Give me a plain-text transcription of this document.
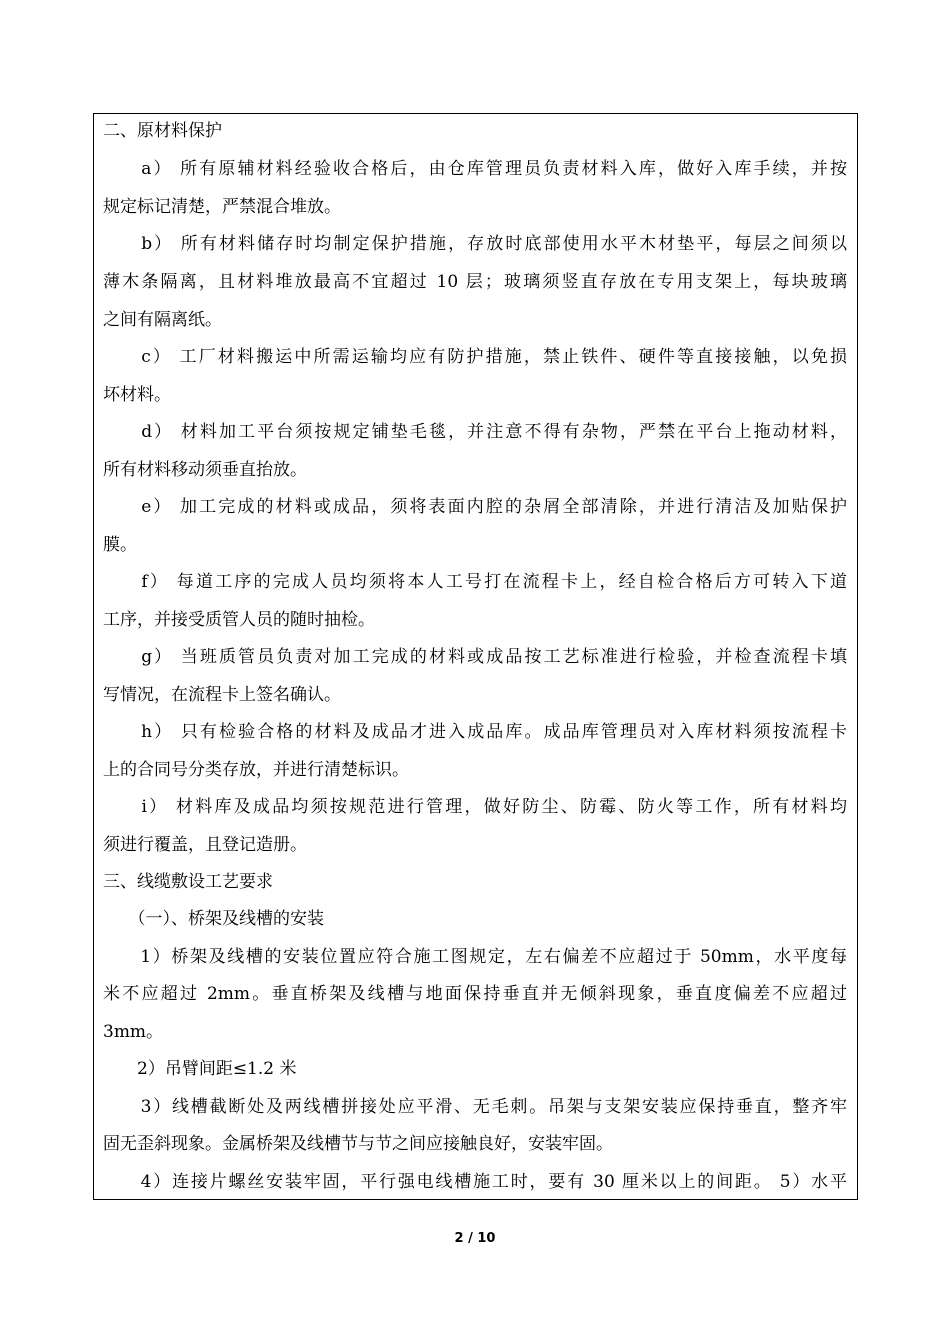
二、原材料保护
　　a） 所有原辅材料经验收合格后，由仓库管理员负责材料入库，做好入库手续，并按
规定标记清楚，严禁混合堆放。
　　b） 所有材料储存时均制定保护措施，存放时底部使用水平木材垫平，每层之间须以
薄木条隔离，且材料堆放最高不宜超过 10 层；玻璃须竖直存放在专用支架上，每块玻璃
之间有隔离纸。
　　c） 工厂材料搬运中所需运输均应有防护措施，禁止铁件、硬件等直接接触，以免损
坏材料。
　　d） 材料加工平台须按规定铺垫毛毯，并注意不得有杂物，严禁在平台上拖动材料，
所有材料移动须垂直抬放。
　　e） 加工完成的材料或成品，须将表面内腔的杂屑全部清除，并进行清洁及加贴保护
膜。
　　f） 每道工序的完成人员均须将本人工号打在流程卡上，经自检合格后方可转入下道
工序，并接受质管人员的随时抽检。
　　g） 当班质管员负责对加工完成的材料或成品按工艺标准进行检验，并检查流程卡填
写情况，在流程卡上签名确认。
　　h） 只有检验合格的材料及成品才进入成品库。成品库管理员对入库材料须按流程卡
上的合同号分类存放，并进行清楚标识。
　　i） 材料库及成品均须按规范进行管理，做好防尘、防霉、防火等工作，所有材料均
须进行覆盖，且登记造册。
三、线缆敷设工艺要求
　　（一）、桥架及线槽的安装
　　1）桥架及线槽的安装位置应符合施工图规定，左右偏差不应超过于 50mm，水平度每
米不应超过 2mm。垂直桥架及线槽与地面保持垂直并无倾斜现象，垂直度偏差不应超过
3mm。
　　2）吊臂间距≤1.2 米
　　3）线槽截断处及两线槽拼接处应平滑、无毛刺。吊架与支架安装应保持垂直，整齐牢
固无歪斜现象。金属桥架及线槽节与节之间应接触良好，安装牢固。
　　4）连接片螺丝安装牢固，平行强电线槽施工时，要有 30 厘米以上的间距。 5）水平
2 / 10
